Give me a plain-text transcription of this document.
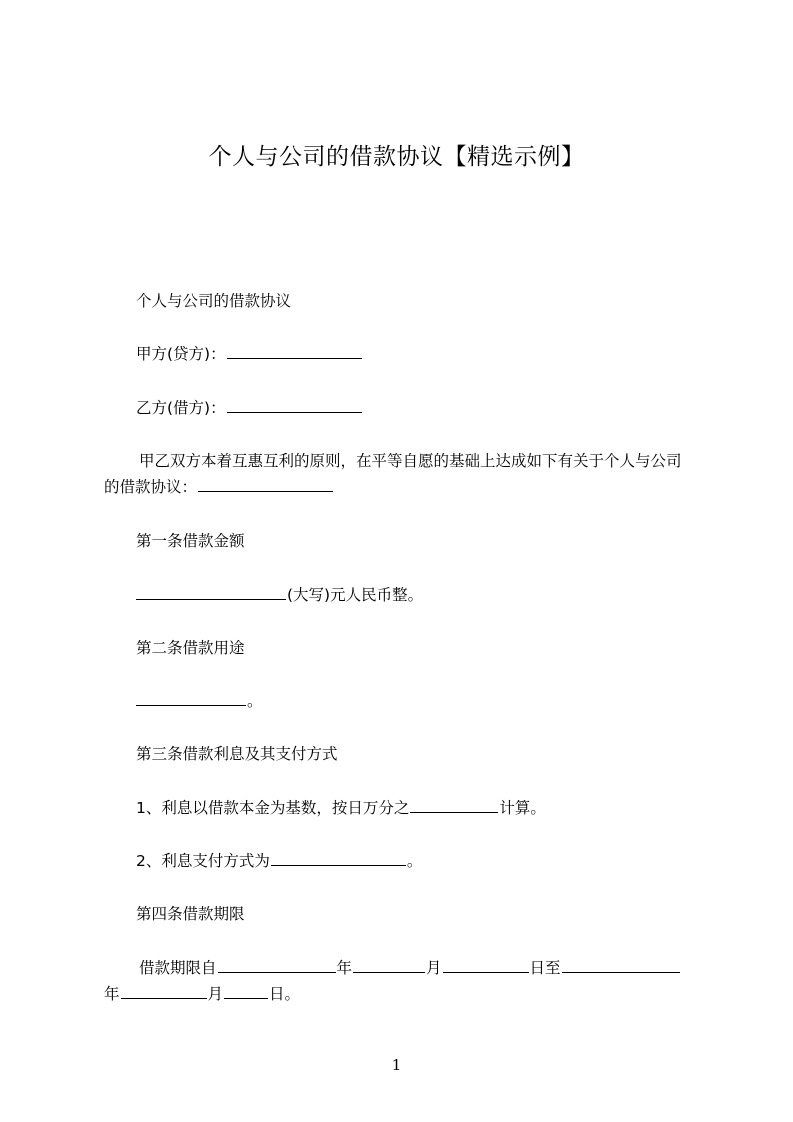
个人与公司的借款协议【精选示例】
个人与公司的借款协议
甲方(贷方)：
乙方(借方)：
甲乙双方本着互惠互利的原则，在平等自愿的基础上达成如下有关于个人与公司
的借款协议：
第一条借款金额
(大写)元人民币整。
第二条借款用途
。
第三条借款利息及其支付方式
1、利息以借款本金为基数，按日万分之	计算。
2、利息支付方式为	。
第四条借款期限
借款期限自	年	月	日至
年	月	日。
1
